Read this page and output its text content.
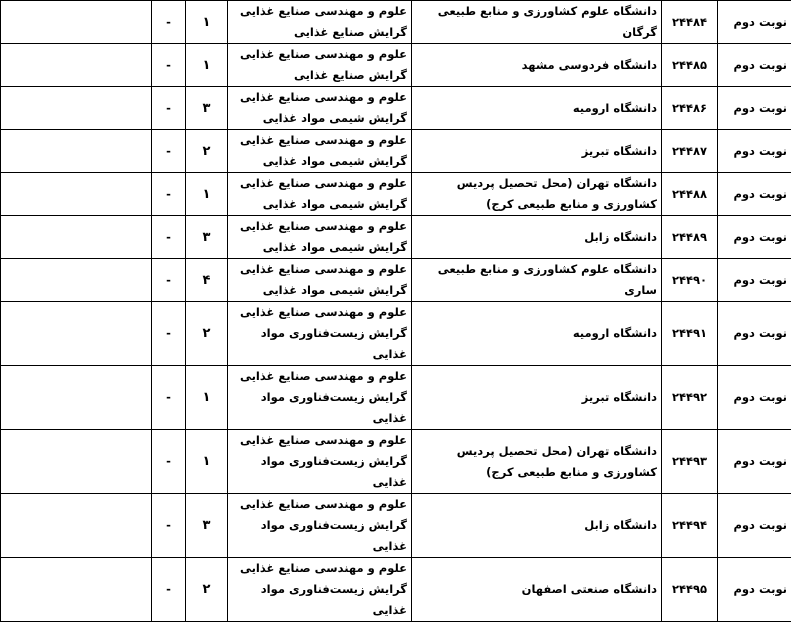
نوبت دوم	۲۴۴۸۴	دانشگاه علوم کشاورزی و منابع طبیعی گرگان	علوم و مهندسی صنایع غذایی گرایش صنایع غذایی	۱	-	
نوبت دوم	۲۴۴۸۵	دانشگاه فردوسی مشهد	علوم و مهندسی صنایع غذایی گرایش صنایع غذایی	۱	-	
نوبت دوم	۲۴۴۸۶	دانشگاه ارومیه	علوم و مهندسی صنایع غذایی گرایش شیمی مواد غذایی	۳	-	
نوبت دوم	۲۴۴۸۷	دانشگاه تبریز	علوم و مهندسی صنایع غذایی گرایش شیمی مواد غذایی	۲	-	
نوبت دوم	۲۴۴۸۸	دانشگاه تهران (محل تحصیل پردیس کشاورزی و منابع طبیعی کرج)	علوم و مهندسی صنایع غذایی گرایش شیمی مواد غذایی	۱	-	
نوبت دوم	۲۴۴۸۹	دانشگاه زابل	علوم و مهندسی صنایع غذایی گرایش شیمی مواد غذایی	۳	-	
نوبت دوم	۲۴۴۹۰	دانشگاه علوم کشاورزی و منابع طبیعی ساری	علوم و مهندسی صنایع غذایی گرایش شیمی مواد غذایی	۴	-	
نوبت دوم	۲۴۴۹۱	دانشگاه ارومیه	علوم و مهندسی صنایع غذایی گرایش زیست‌فناوری مواد غذایی	۲	-	
نوبت دوم	۲۴۴۹۲	دانشگاه تبریز	علوم و مهندسی صنایع غذایی گرایش زیست‌فناوری مواد غذایی	۱	-	
نوبت دوم	۲۴۴۹۳	دانشگاه تهران (محل تحصیل پردیس کشاورزی و منابع طبیعی کرج)	علوم و مهندسی صنایع غذایی گرایش زیست‌فناوری مواد غذایی	۱	-	
نوبت دوم	۲۴۴۹۴	دانشگاه زابل	علوم و مهندسی صنایع غذایی گرایش زیست‌فناوری مواد غذایی	۳	-	
نوبت دوم	۲۴۴۹۵	دانشگاه صنعتی اصفهان	علوم و مهندسی صنایع غذایی گرایش زیست‌فناوری مواد غذایی	۲	-	
